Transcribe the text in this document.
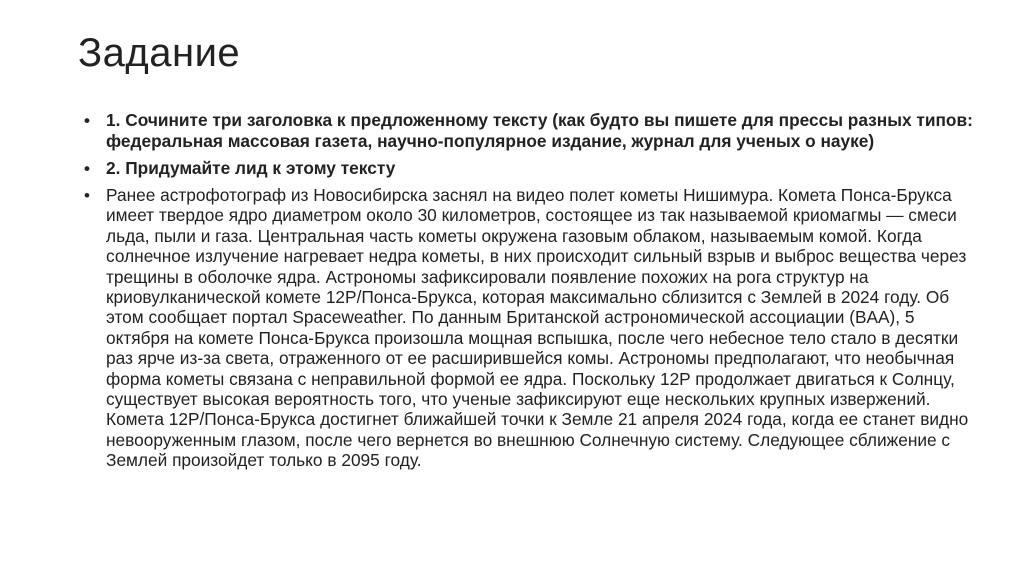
Задание
• 1. Сочините три заголовка к предложенному тексту (как будто вы пишете для прессы разных типов: федеральная массовая газета, научно-популярное издание, журнал для ученых о науке)
• 2. Придумайте лид к этому тексту
• Ранее астрофотограф из Новосибирска заснял на видео полет кометы Нишимура. Комета Понса-Брукса имеет твердое ядро диаметром около 30 километров, состоящее из так называемой криомагмы — смеси льда, пыли и газа. Центральная часть кометы окружена газовым облаком, называемым комой. Когда солнечное излучение нагревает недра кометы, в них происходит сильный взрыв и выброс вещества через трещины в оболочке ядра. Астрономы зафиксировали появление похожих на рога структур на криовулканической комете 12P/Понса-Брукса, которая максимально сблизится с Землей в 2024 году. Об этом сообщает портал Spaceweather. По данным Британской астрономической ассоциации (BAA), 5 октября на комете Понса-Брукса произошла мощная вспышка, после чего небесное тело стало в десятки раз ярче из-за света, отраженного от ее расширившейся комы. Астрономы предполагают, что необычная форма кометы связана с неправильной формой ее ядра. Поскольку 12P продолжает двигаться к Солнцу, существует высокая вероятность того, что ученые зафиксируют еще нескольких крупных извержений. Комета 12P/Понса-Брукса достигнет ближайшей точки к Земле 21 апреля 2024 года, когда ее станет видно невооруженным глазом, после чего вернется во внешнюю Солнечную систему. Следующее сближение с Землей произойдет только в 2095 году.
